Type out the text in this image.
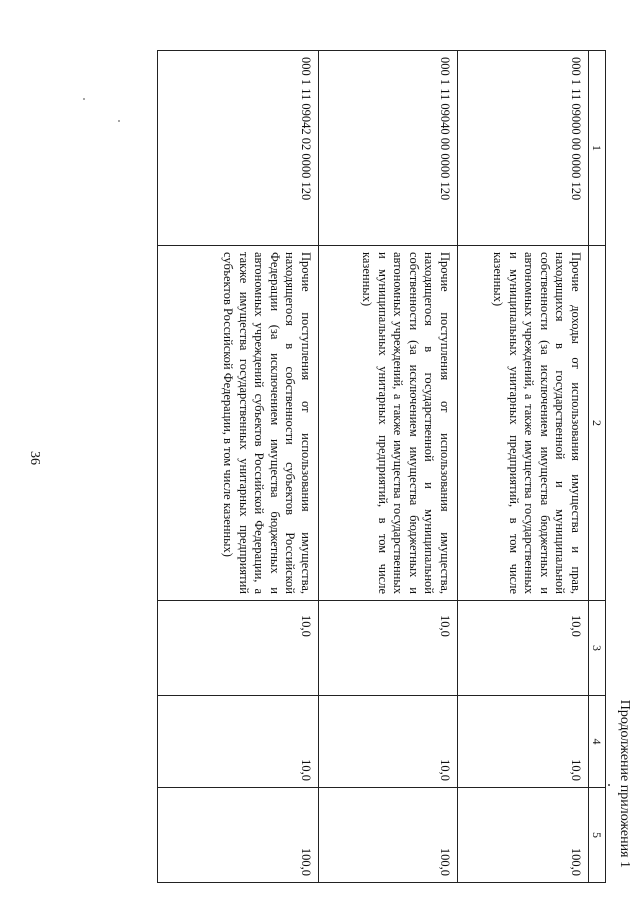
36
Продолжение приложения 1
1	2	3	4	5
000 1 11 09000 00 0000 120	Прочие доходы от использования имущества и прав, находящихся в государственной и муниципальной собственности (за исключением имущества бюджетных и автономных учреждений, а также имущества государственных и муниципальных унитарных предприятий, в том числе казенных)	10,0	10,0	100,0
000 1 11 09040 00 0000 120	Прочие поступления от использования имущества, находящегося в государственной и муниципальной собственности (за исключением имущества бюджетных и автономных учреждений, а также имущества государственных и муниципальных унитарных предприятий, в том числе казенных)	10,0	10,0	100,0
000 1 11 09042 02 0000 120	Прочие поступления от использования имущества, находящегося в собственности субъектов Российской Федерации (за исключением имущества бюджетных и автономных учреждений субъектов Российской Федерации, а также имущества государственных унитарных предприятий субъектов Российской Федерации, в том числе казенных)	10,0	10,0	100,0
